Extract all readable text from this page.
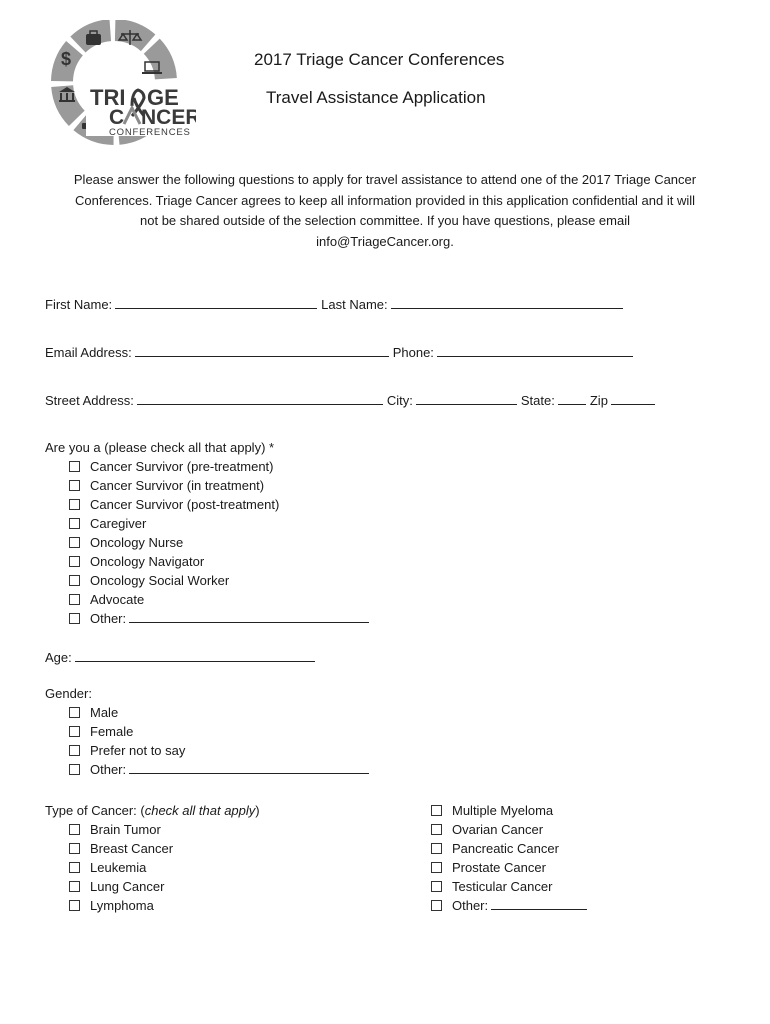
$
TRI GE
C NCER
CONFERENCES
2017 Triage Cancer Conferences
Travel Assistance Application
Please answer the following questions to apply for travel assistance to attend one of the 2017 Triage Cancer
Conferences. Triage Cancer agrees to keep all information provided in this application confidential and it will
not be shared outside of the selection committee. If you have questions, please email
info@TriageCancer.org.
First Name:	Last Name:
Email Address:	Phone:
Street Address:	City:	State:	Zip
Are you a (please check all that apply) *
Cancer Survivor (pre-treatment)
Cancer Survivor (in treatment)
Cancer Survivor (post-treatment)
Caregiver
Oncology Nurse
Oncology Navigator
Oncology Social Worker
Advocate
Other:
Age:
Gender:
Male
Female
Prefer not to say
Other:
Type of Cancer: (check all that apply)
Brain Tumor
Breast Cancer
Leukemia
Lung Cancer
Lymphoma
Multiple Myeloma
Ovarian Cancer
Pancreatic Cancer
Prostate Cancer
Testicular Cancer
Other:
